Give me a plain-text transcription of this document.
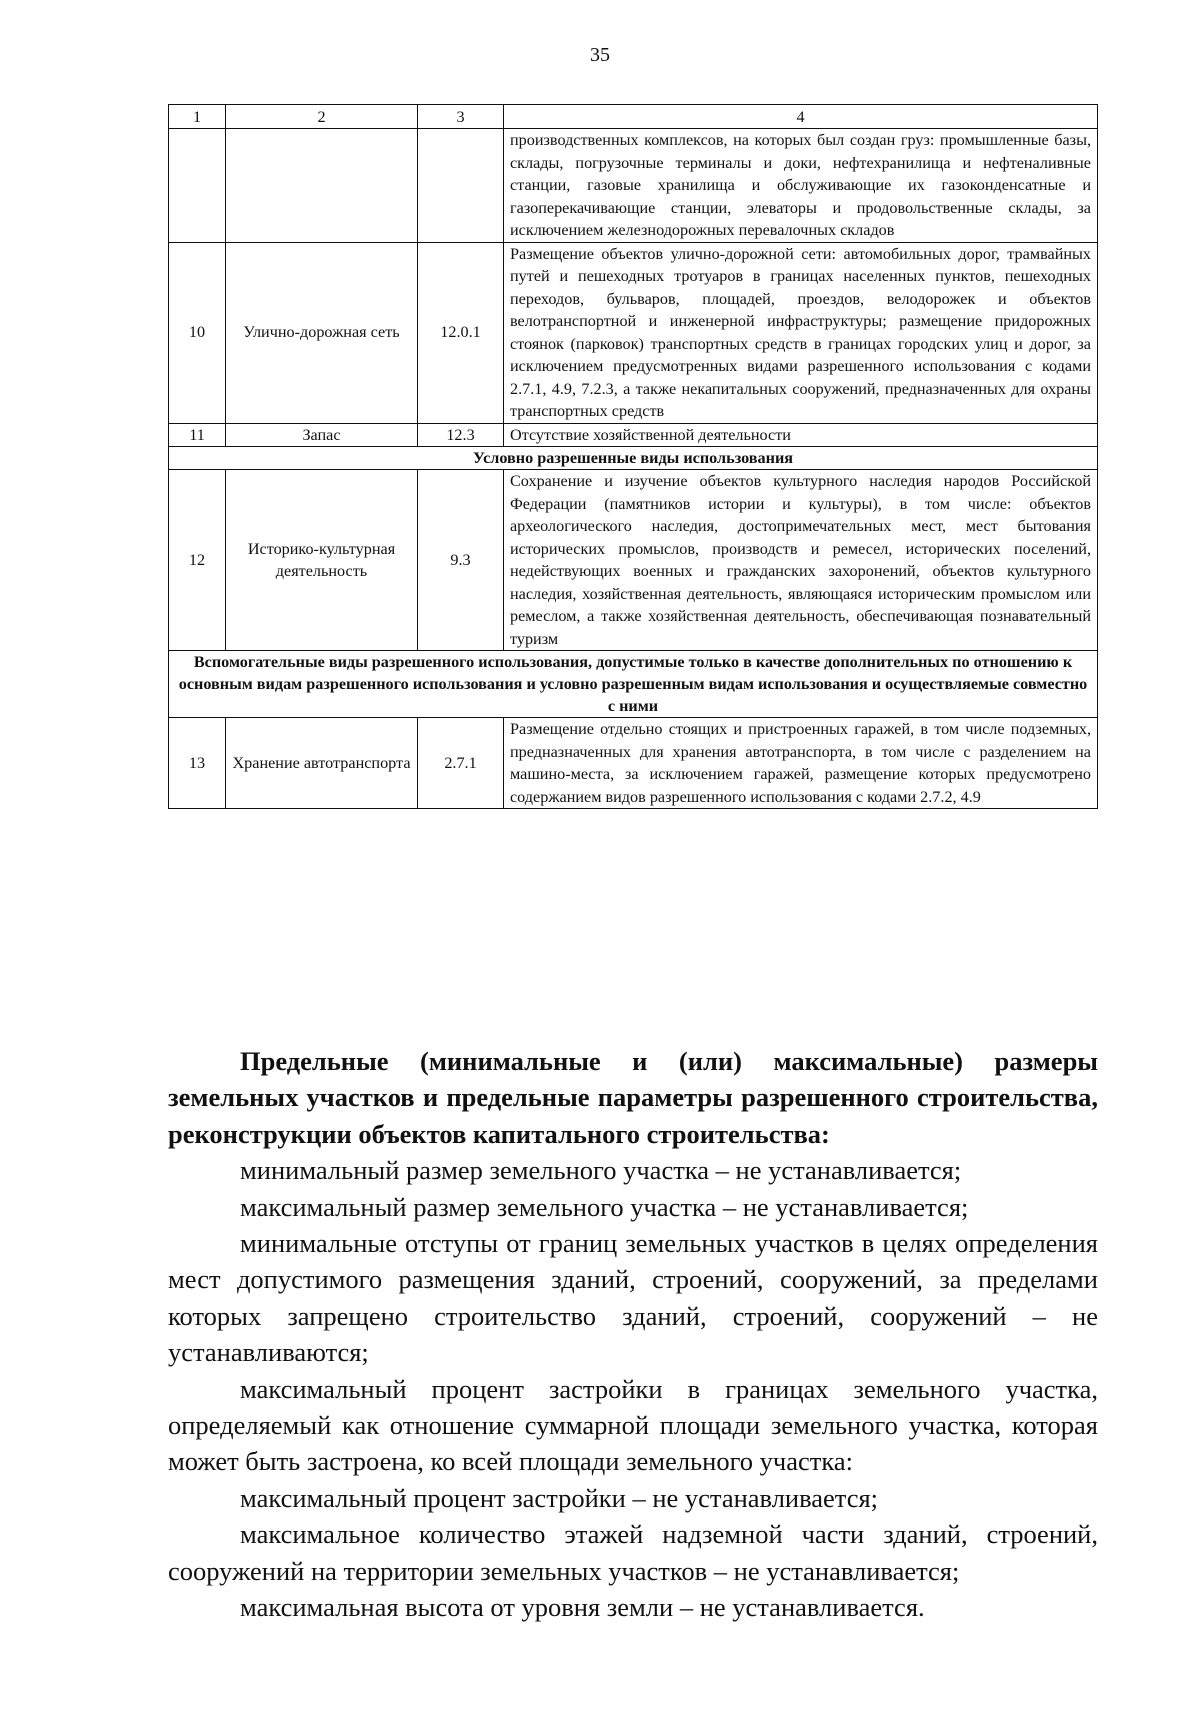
35
1	2	3	4
			производственных комплексов, на которых был создан груз: промышленные базы, склады, погрузочные терминалы и доки, нефтехранилища и нефтеналивные станции, газовые хранилища и обслуживающие их газоконденсатные и газоперекачивающие станции, элеваторы и продовольственные склады, за исключением железнодорожных перевалочных складов
10	Улично-дорожная сеть	12.0.1	Размещение объектов улично-дорожной сети: автомобильных дорог, трамвайных путей и пешеходных тротуаров в границах населенных пунктов, пешеходных переходов, бульваров, площадей, проездов, велодорожек и объектов велотранспортной и инженерной инфраструктуры; размещение придорожных стоянок (парковок) транспортных средств в границах городских улиц и дорог, за исключением предусмотренных видами разрешенного использования с кодами 2.7.1, 4.9, 7.2.3, а также некапитальных сооружений, предназначенных для охраны транспортных средств
11	Запас	12.3	Отсутствие хозяйственной деятельности
Условно разрешенные виды использования			
12	Историко-культурная деятельность	9.3	Сохранение и изучение объектов культурного наследия народов Российской Федерации (памятников истории и культуры), в том числе: объектов археологического наследия, достопримечательных мест, мест бытования исторических промыслов, производств и ремесел, исторических поселений, недействующих военных и гражданских захоронений, объектов культурного наследия, хозяйственная деятельность, являющаяся историческим промыслом или ремеслом, а также хозяйственная деятельность, обеспечивающая познавательный туризм
Вспомогательные виды разрешенного использования, допустимые только в качестве дополнительных по отношению к основным видам разрешенного использования и условно разрешенным видам использования и осуществляемые совместно с ними			
13	Хранение автотранспорта	2.7.1	Размещение отдельно стоящих и пристроенных гаражей, в том числе подземных, предназначенных для хранения автотранспорта, в том числе с разделением на машино-места, за исключением гаражей, размещение которых предусмотрено содержанием видов разрешенного использования с кодами 2.7.2, 4.9

Предельные (минимальные и (или) максимальные) размеры земельных участков и предельные параметры разрешенного строительства, реконструкции объектов капитального строительства:

минимальный размер земельного участка – не устанавливается;

максимальный размер земельного участка – не устанавливается;

минимальные отступы от границ земельных участков в целях определения мест допустимого размещения зданий, строений, сооружений, за пределами которых запрещено строительство зданий, строений, сооружений – не устанавливаются;

максимальный процент застройки в границах земельного участка, определяемый как отношение суммарной площади земельного участка, которая может быть застроена, ко всей площади земельного участка:

максимальный процент застройки – не устанавливается;

максимальное количество этажей надземной части зданий, строений, сооружений на территории земельных участков – не устанавливается;

максимальная высота от уровня земли – не устанавливается.
